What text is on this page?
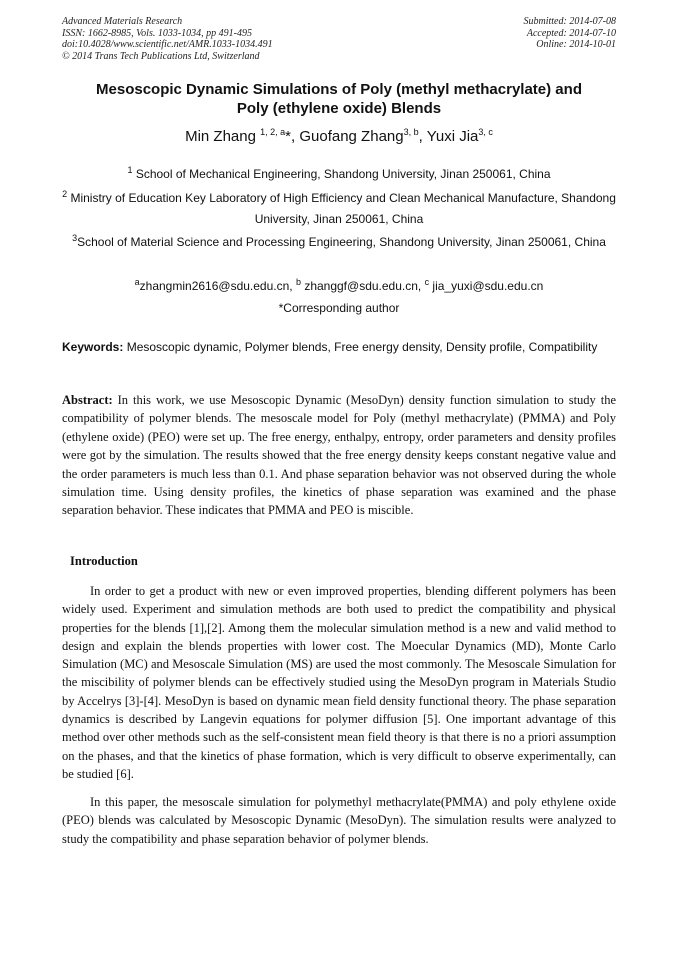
Advanced Materials Research
ISSN: 1662-8985, Vols. 1033-1034, pp 491-495
doi:10.4028/www.scientific.net/AMR.1033-1034.491
© 2014 Trans Tech Publications Ltd, Switzerland
Submitted: 2014-07-08
Accepted: 2014-07-10
Online: 2014-10-01
Mesoscopic Dynamic Simulations of Poly (methyl methacrylate) and
Poly (ethylene oxide) Blends
Min Zhang $^{1, 2, a}$*, Guofang Zhang$^{3, b}$, Yuxi Jia$^{3, c}$
$^1$ School of Mechanical Engineering, Shandong University, Jinan 250061, China
$^2$ Ministry of Education Key Laboratory of High Efficiency and Clean Mechanical Manufacture, Shandong University, Jinan 250061, China
$^3$School of Material Science and Processing Engineering, Shandong University, Jinan 250061, China
$^a$zhangmin2616@sdu.edu.cn, $^b$ zhanggf@sdu.edu.cn, $^c$ jia_yuxi@sdu.edu.cn
*Corresponding author
Keywords: Mesoscopic dynamic, Polymer blends, Free energy density, Density profile, Compatibility
Abstract: In this work, we use Mesoscopic Dynamic (MesoDyn) density function simulation to study the compatibility of polymer blends. The mesoscale model for Poly (methyl methacrylate) (PMMA) and Poly (ethylene oxide) (PEO) were set up. The free energy, enthalpy, entropy, order parameters and density profiles were got by the simulation. The results showed that the free energy density keeps constant negative value and the order parameters is much less than 0.1. And phase separation behavior was not observed during the whole simulation time. Using density profiles, the kinetics of phase separation was examined and the phase separation behavior. These indicates that PMMA and PEO is miscible.
Introduction

In order to get a product with new or even improved properties, blending different polymers has been widely used. Experiment and simulation methods are both used to predict the compatibility and physical properties for the blends [1],[2]. Among them the molecular simulation method is a new and valid method to design and explain the blends properties with lower cost. The Moecular Dynamics (MD), Monte Carlo Simulation (MC) and Mesoscale Simulation (MS) are used the most commonly. The Mesoscale Simulation for the miscibility of polymer blends can be effectively studied using the MesoDyn program in Materials Studio by Accelrys [3]-[4]. MesoDyn is based on dynamic mean field density functional theory. The phase separation dynamics is described by Langevin equations for polymer diffusion [5]. One important advantage of this method over other methods such as the self-consistent mean field theory is that there is no a priori assumption on the phases, and that the kinetics of phase formation, which is very difficult to observe experimentally, can be studied [6].

In this paper, the mesoscale simulation for polymethyl methacrylate(PMMA) and poly ethylene oxide (PEO) blends was calculated by Mesoscopic Dynamic (MesoDyn). The simulation results were analyzed to study the compatibility and phase separation behavior of polymer blends.
